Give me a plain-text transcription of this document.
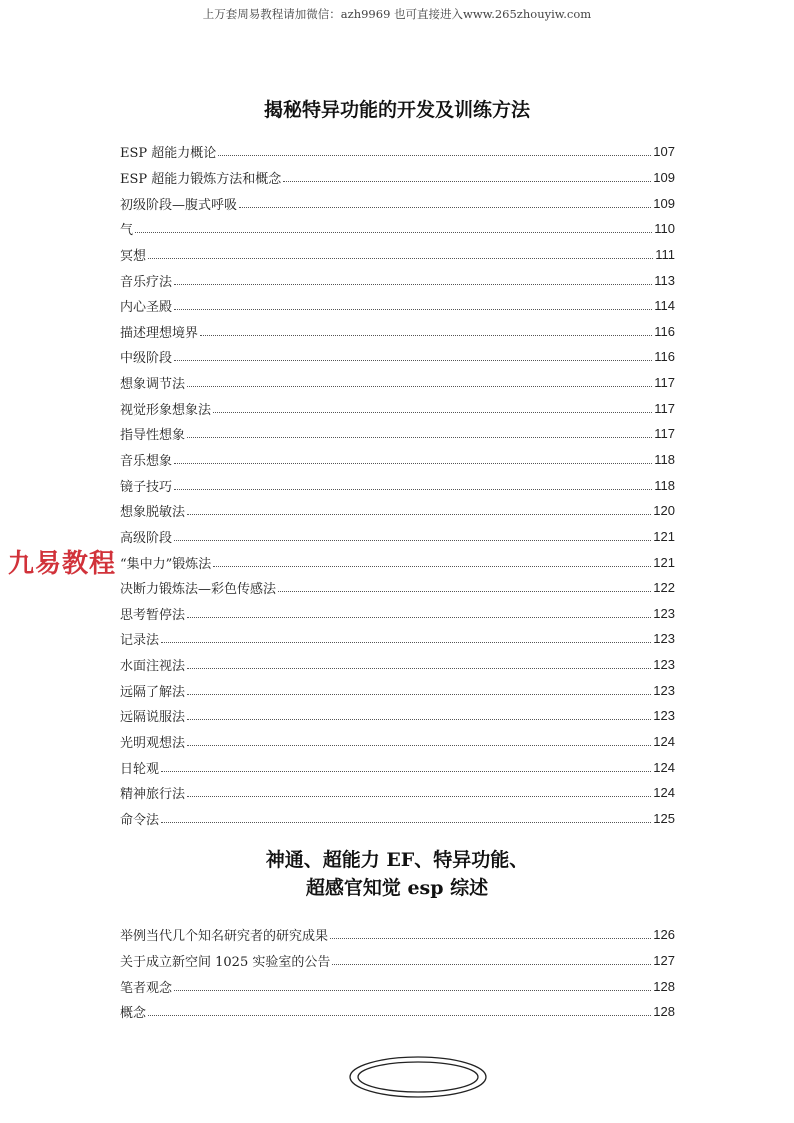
上万套周易教程请加微信：azh9969 也可直接进入www.265zhouyiw.com
揭秘特异功能的开发及训练方法
ESP 超能力概论	107
ESP 超能力锻炼方法和概念	109
初级阶段—腹式呼吸	109
气	110
冥想	111
音乐疗法	113
内心圣殿	114
描述理想境界	116
中级阶段	116
想象调节法	117
视觉形象想象法	117
指导性想象	117
音乐想象	118
镜子技巧	118
想象脱敏法	120
高级阶段	121
“集中力”锻炼法	121
决断力锻炼法—彩色传感法	122
思考暂停法	123
记录法	123
水面注视法	123
远隔了解法	123
远隔说服法	123
光明观想法	124
日轮观	124
精神旅行法	124
命令法	125
神通、超能力 EF、特异功能、
超感官知觉 esp 综述
举例当代几个知名研究者的研究成果	126
关于成立新空间 1025 实验室的公告	127
笔者观念	128
概念	128
九易教程
